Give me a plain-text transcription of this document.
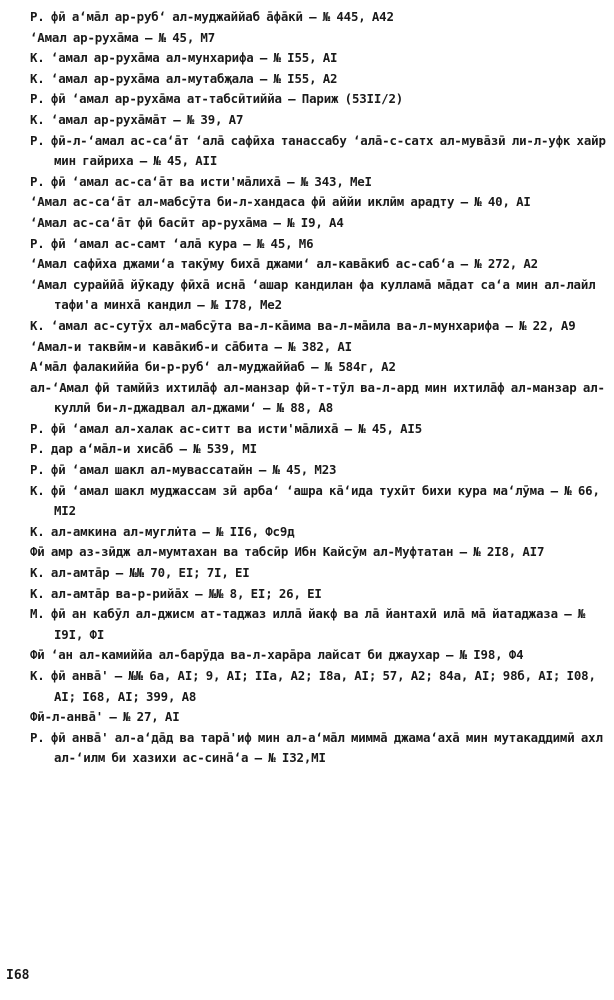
Р. фӣ аʻма̄л ар-рубʻ ал-муджаййаб а̄фа̄кӣ – № 445, А42
ʻАмал ар-руха̄ма – № 45, М7
К. ʻамал ар-руха̄ма ал-мунхарифа – № I55, АI
К. ʻамал ар-руха̄ма ал-мутабҗала – № I55, А2
Р. фӣ ʻамал ар-руха̄ма ат-табсӣтиййа – Париж (53II/2)
К. ʻамал ар-руха̄ма̄т – № 39, А7
Р. фӣ-л-ʻамал ас-саʻа̄т ʻала̄ сафӣха танассабу ʻала̄-с-сатх ал-мува̄зӣ ли-л-уфк хайр мин гайриха – № 45, АII
Р. фӣ ʻамал ас-саʻа̄т ва исти'ма̄лиха̄ – № 343, МеI
ʻАмал ас-саʻа̄т ал-мабсӯта би-л-хандаса фӣ аййи иклӣм арадту – № 40, АI
ʻАмал ас-саʻа̄т фӣ басӣт ар-руха̄ма – № I9, А4
Р. фӣ ʻамал ас-самт ʻала̄ кура – № 45, М6
ʻАмал сафӣха джамиʻа такӯму биха̄ джамиʻ ал-кава̄киб ас-сабʻа – № 272, А2
ʻАмал сурайӣа̄ йӯкаду фӣха̄ исна̄ ʻашар кандилан фа куллама̄ ма̄дат саʻа мин ал-лайл тафи'а минха̄ кандил – № I78, Ме2
К. ʻамал ас-сутӯх ал-мабсӯта ва-л-ка̄има ва-л-ма̄ила ва-л-мунхарифа – № 22, А9
ʻАмал-и таквӣм-и кава̄киб-и са̄бита – № 382, АI
Аʻма̄л фалакиййа би-р-рубʻ ал-муджаййаб – № 584г, А2
ал-ʻАмал фӣ тамйӣз ихтила̄ф ал-манзар фӣ-т-тӯл ва-л-ард мин ихтила̄ф ал-манзар ал-куллӣ би-л-джадвал ал-джамиʻ – № 88, А8
Р. фӣ ʻамал ал-халак ас-ситт ва исти'ма̄лиха̄ – № 45, АI5
Р. дар аʻма̄л-и хиса̄б – № 539, МI
Р. фӣ ʻамал шакл ал-мувассатайн – № 45, М23
К. фӣ ʻамал шакл муджассам зӣ арбаʻ ʻашра ка̄ʻида тухӣт бихи кура маʻлӯма – № 66, МI2
К. ал-амкина ал-мугли̇та – № II6, Фс9д
Фӣ амр аз-зӣдж ал-мумтахан ва табсӣр Ибн Кайсӯм ал-Муфтатан – № 2I8, АI7
К. ал-амта̄р – №№ 70, ЕI; 7I, ЕI
К. ал-амта̄р ва-р-рийа̄х – №№ 8, ЕI; 26, ЕI
М. фӣ ан кабӯл ал-джисм ат-таджаз илла̄ йакф ва ла̄ йантахӣ ила̄ ма̄ йатаджаза – № I9I, ФI
Фӣ ʻан ал-камиййа ал-барӯда ва-л-хара̄ра лайсат би джаухар – № I98, Ф4
К. фӣ анва̄' – №№ 6а, АI; 9, АI; IIа, А2; I8а, АI; 57, А2; 84а, АI; 98б, АI; I08, АI; I68, АI; 399, А8
Фӣ-л-анва̄' – № 27, АI
Р. фӣ анва̄' ал-аʻда̄д ва тара̄'иф мин ал-аʻма̄л мимма̄ джамаʻаха̄ мин мутакаддимӣ ахл ал-ʻилм би хазихи ас-сина̄ʻа – № I32,МI
I68
